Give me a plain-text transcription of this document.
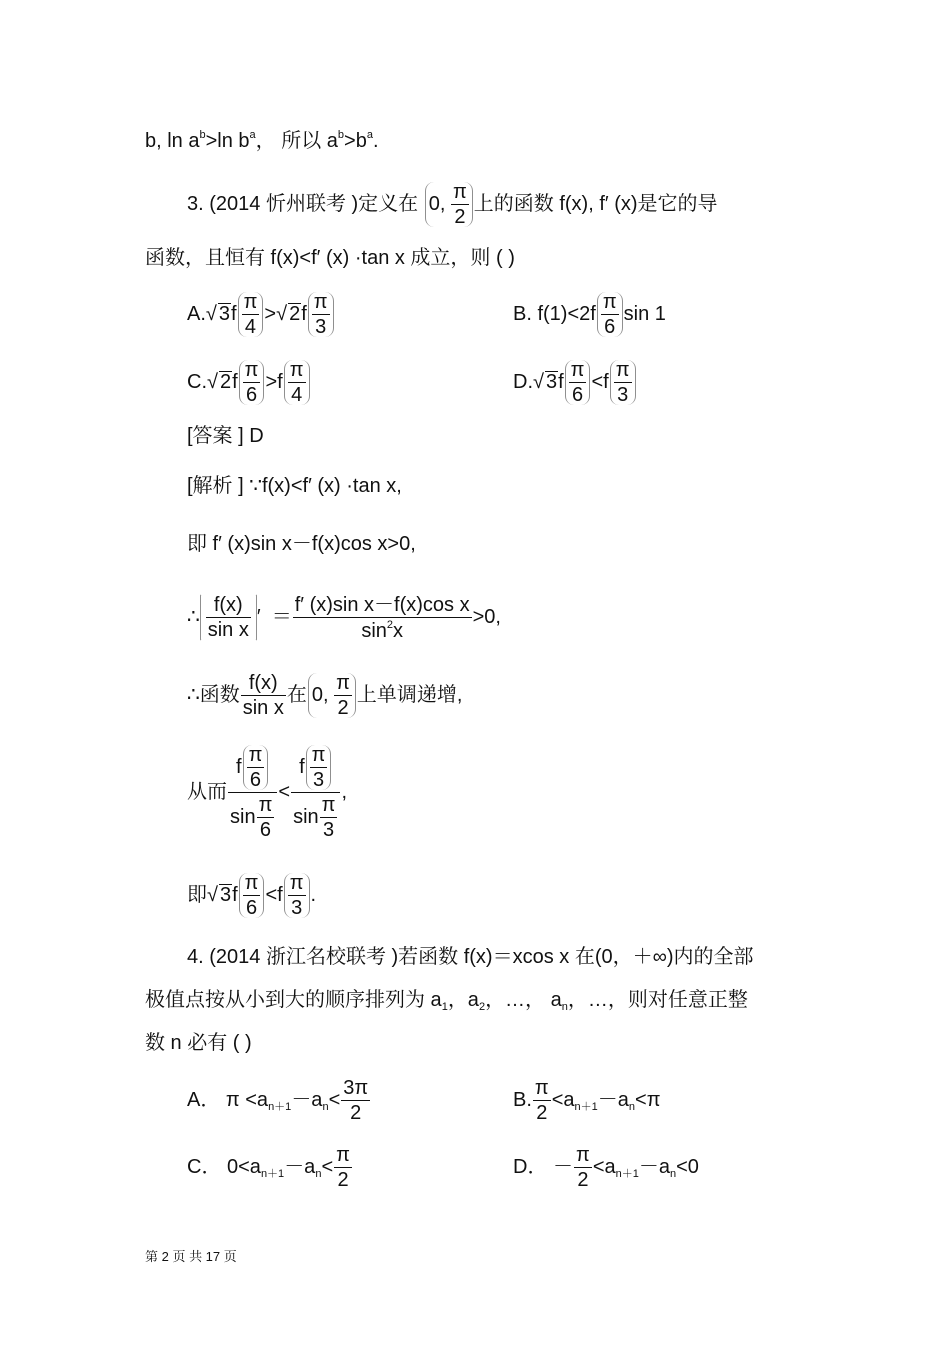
b, $\ln a^b>\ln$ $b^a$， 所以 $a^b>b^a$.
3. (2014 忻州联考 )定义在 0, $\frac{\pi}{2}$ 上的函数 f(x), f′ (x)是它的导
函数，且恒有 f(x)<f′ (x) ·tan x 成立，则 ( )
A.√ $3f \frac{\pi}{4}$ >√ $2f \frac{\pi}{3}$	B. $f(1)<2f \frac{\pi}{6}$ sin 1
C.√ $2f \frac{\pi}{6} >f \frac{\pi}{4}$	D.√ $3f \frac{\pi}{6} <f \frac{\pi}{3}$
[答案 ] D
[解析 ] ∵f(x)<f′ (x) ·tan x,
即 f′ (x)sin x－f(x)cos x>0,
∴ $\frac{f(x)}{\text{sin x}}$ ′ ＝ $\frac{\text{f′ (x)sin x－f(x)cos x}}{\sin^2x} >0$,
∴函数 $\frac{f(x)}{\text{sin x}}$ 在 0, $\frac{\pi}{2}$ 上单调递增,
从而 $\frac{f \frac{\pi}{6}}{\sin \frac{\pi}{6}} < \frac{f \frac{\pi}{3}}{\sin \frac{\pi}{3}}$ ,
即√ $3f \frac{\pi}{6} <f \frac{\pi}{3}$ .
4. (2014 浙江名校联考 )若函数 f(x)＝xcos x 在(0，＋∞)内的全部
极值点按从小到大的顺序排列为 $a_1$，$a_2$，…， $a_n$，…，则对任意正整
数 n 必有 ( )
A． $\pi <a_{n+1}-a_n< \frac{3\pi}{2}$	B. $\frac{\pi}{2} <a_{n+1}-a_n<\pi$
C． $0<a_{n+1}-a_n< \frac{\pi}{2}$	D． － $\frac{\pi}{2} <a_{n+1}-a_n<0$
第 2 页 共 17 页
